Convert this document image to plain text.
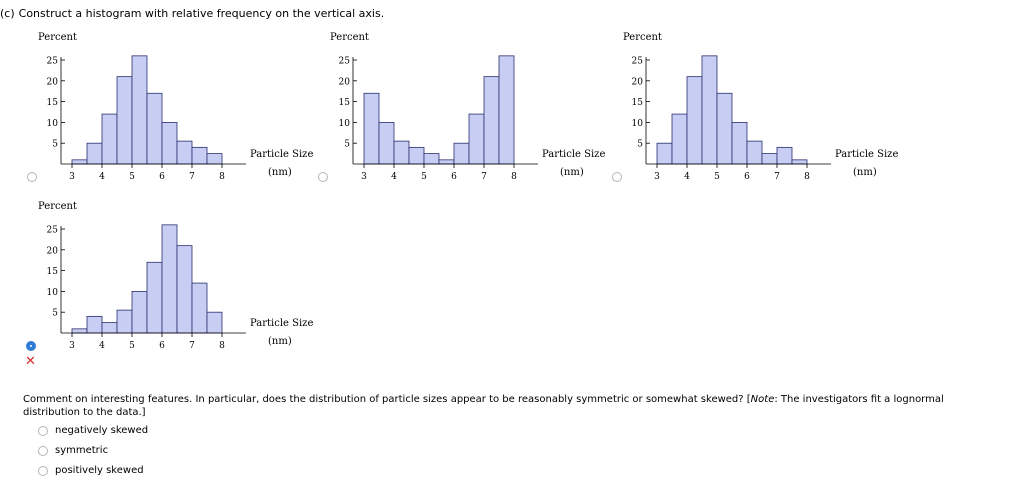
(c) Construct a histogram with relative frequency on the vertical axis.
Percent
5
10
15
20
25
3	4	5	6	7	8
Particle Size
(nm)
Percent
5
10
15
20
25
3	4	5	6	7	8
Particle Size
(nm)
Percent
5
10
15
20
25
3	4	5	6	7	8
Particle Size
(nm)
✕
Percent
5
10
15
20
25
3	4	5	6	7	8
Particle Size
(nm)
Comment on interesting features. In particular, does the distribution of particle sizes appear to be reasonably symmetric or somewhat skewed? [Note: The investigators fit a lognormal distribution to the data.]
negatively skewed
symmetric
positively skewed
